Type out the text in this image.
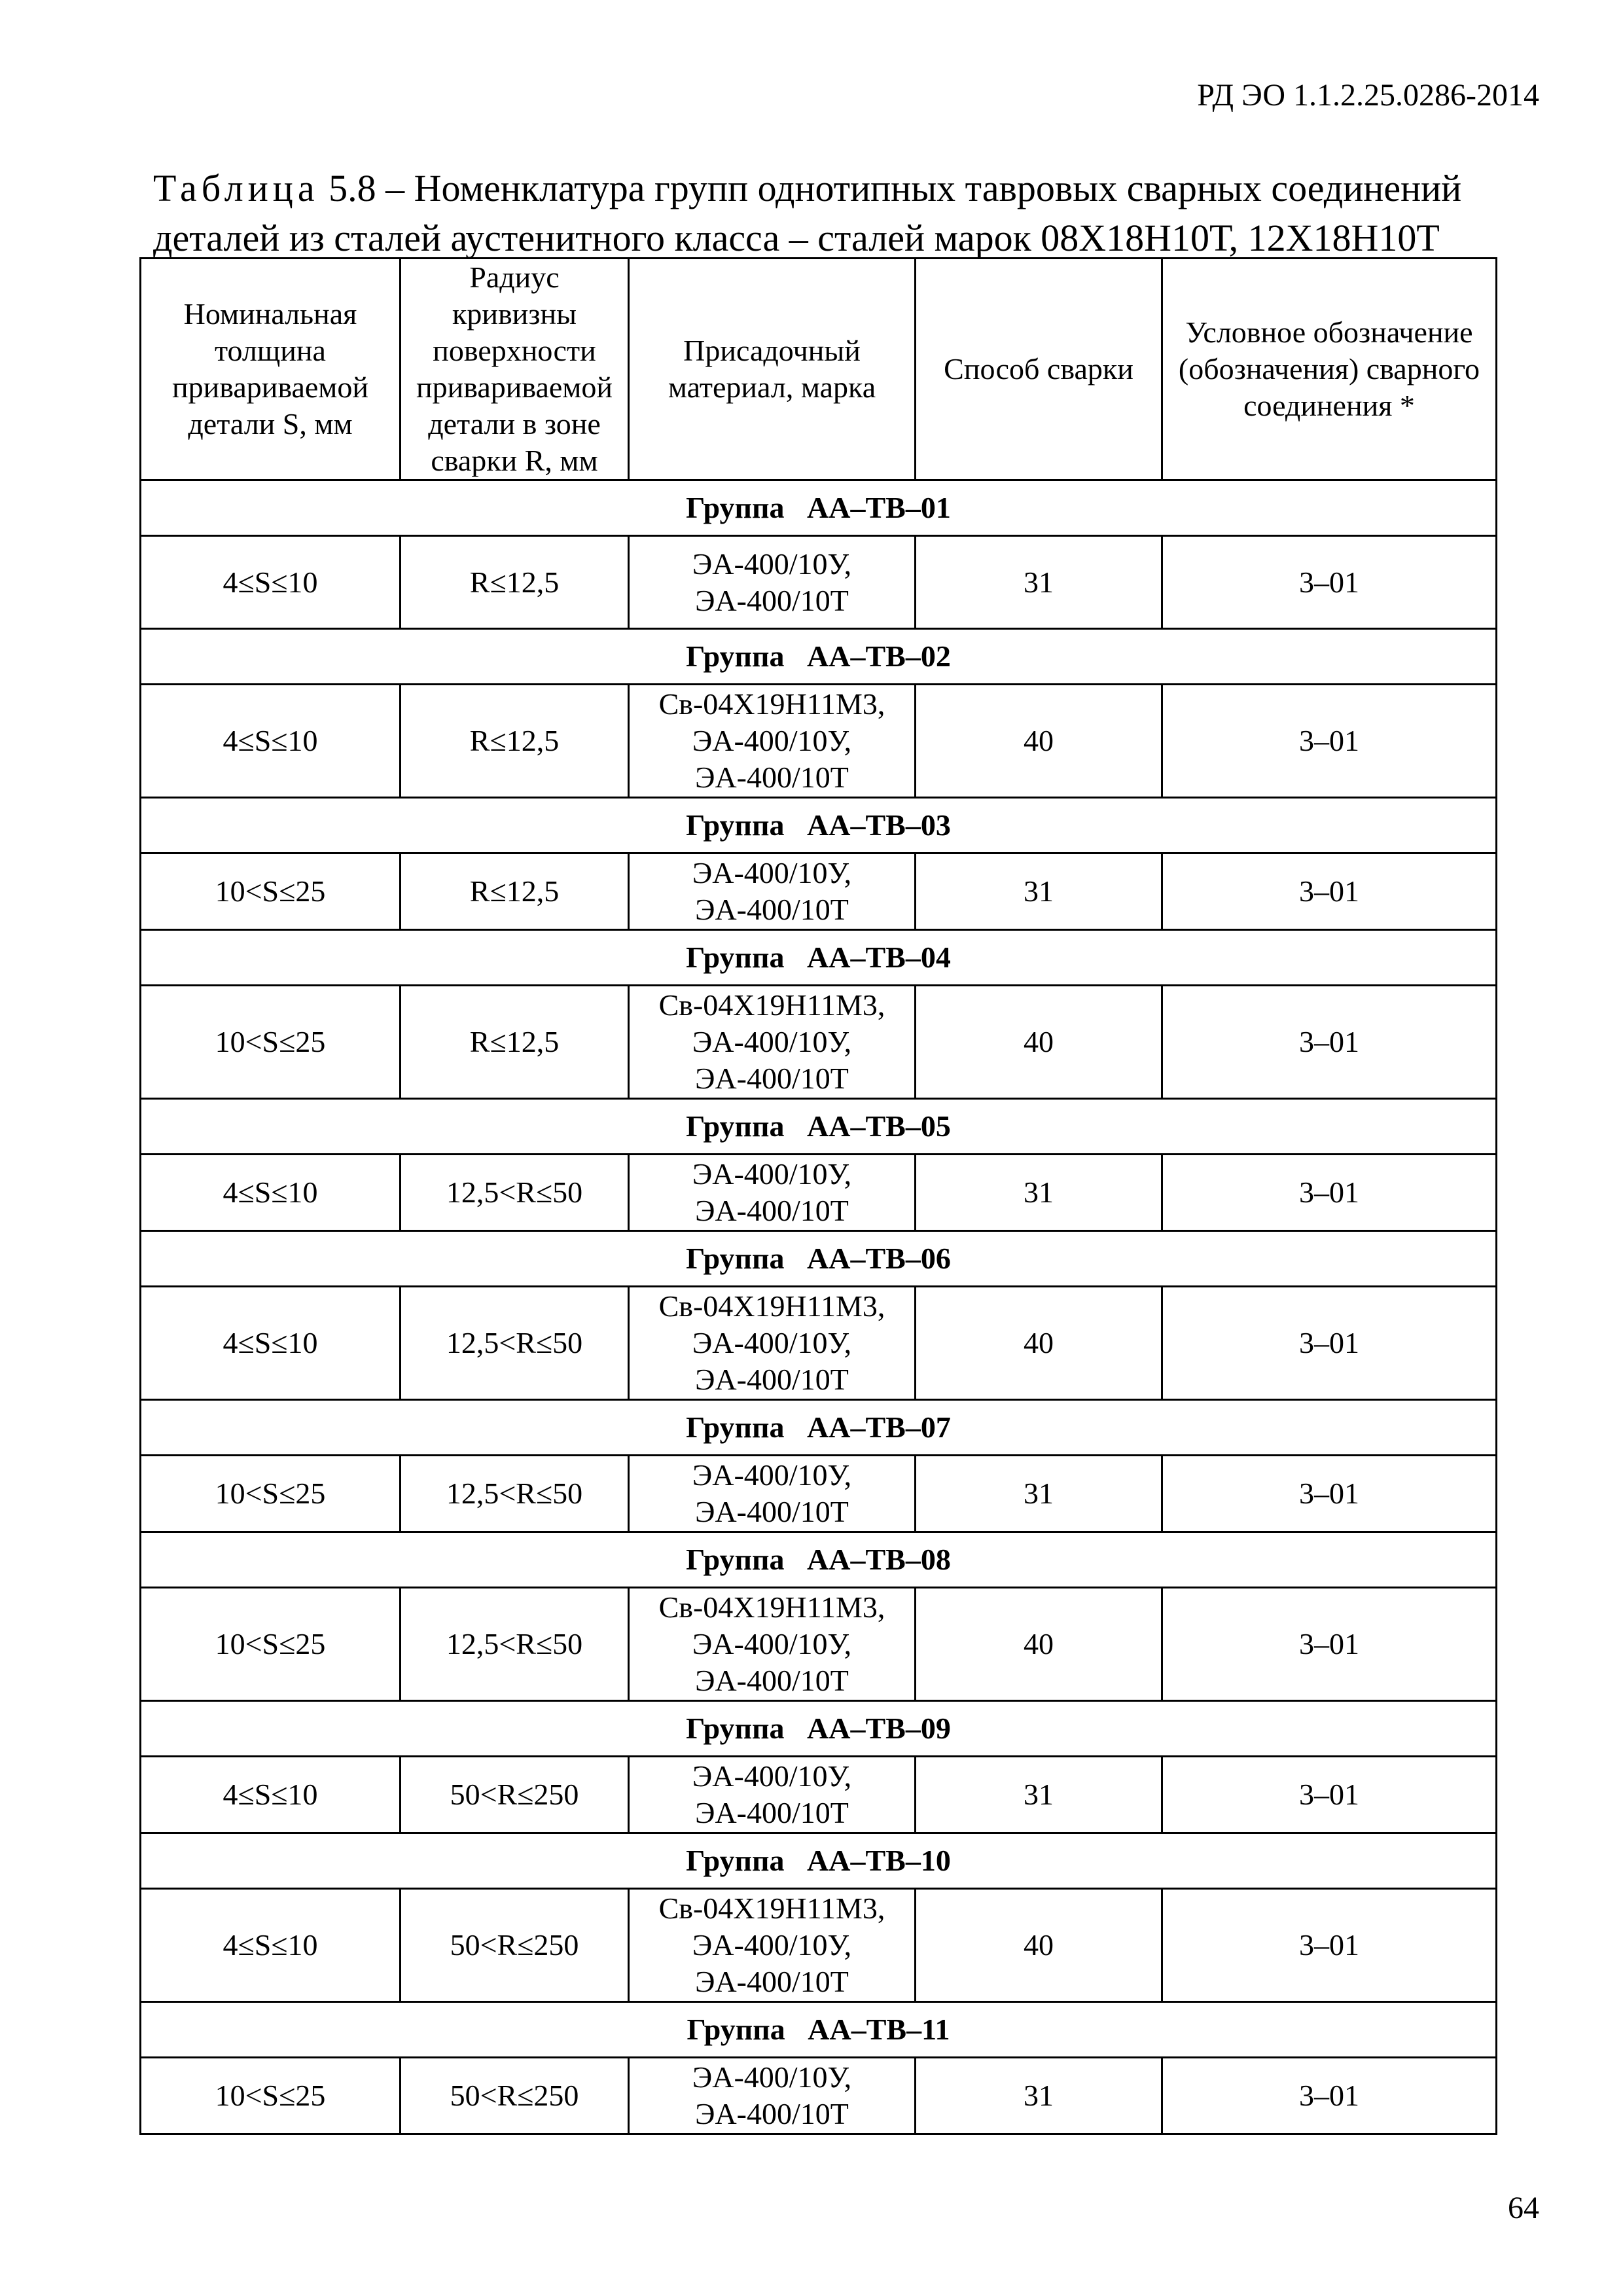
РД ЭО 1.1.2.25.0286-2014
Таблица 5.8 – Номенклатура групп однотипных тавровых сварных соединений деталей из сталей аустенитного класса – сталей марок 08Х18Н10Т, 12Х18Н10Т
Номинальная толщина привариваемой детали S, мм	Радиус кривизны поверхности привариваемой детали в зоне сварки R, мм	Присадочный материал, марка	Способ сварки	Условное обозначение (обозначения) сварного соединения *
Группа   АА–ТВ–01				
4≤S≤10	R≤12,5	ЭА-400/10У,
ЭА-400/10Т	31	3–01
Группа   АА–ТВ–02				
4≤S≤10	R≤12,5	Св-04Х19Н11М3,
ЭА-400/10У,
ЭА-400/10Т	40	3–01
Группа   АА–ТВ–03				
10<S≤25	R≤12,5	ЭА-400/10У,
ЭА-400/10Т	31	3–01
Группа   АА–ТВ–04				
10<S≤25	R≤12,5	Св-04Х19Н11М3,
ЭА-400/10У,
ЭА-400/10Т	40	3–01
Группа   АА–ТВ–05				
4≤S≤10	12,5<R≤50	ЭА-400/10У,
ЭА-400/10Т	31	3–01
Группа   АА–ТВ–06				
4≤S≤10	12,5<R≤50	Св-04Х19Н11М3,
ЭА-400/10У,
ЭА-400/10Т	40	3–01
Группа   АА–ТВ–07				
10<S≤25	12,5<R≤50	ЭА-400/10У,
ЭА-400/10Т	31	3–01
Группа   АА–ТВ–08				
10<S≤25	12,5<R≤50	Св-04Х19Н11М3,
ЭА-400/10У,
ЭА-400/10Т	40	3–01
Группа   АА–ТВ–09				
4≤S≤10	50<R≤250	ЭА-400/10У,
ЭА-400/10Т	31	3–01
Группа   АА–ТВ–10				
4≤S≤10	50<R≤250	Св-04Х19Н11М3,
ЭА-400/10У,
ЭА-400/10Т	40	3–01
Группа   АА–ТВ–11				
10<S≤25	50<R≤250	ЭА-400/10У,
ЭА-400/10Т	31	3–01
64
